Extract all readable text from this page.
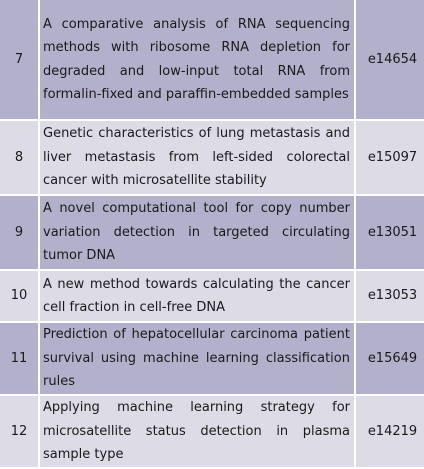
7	A comparative analysis of RNA sequencing methods with ribosome RNA depletion for degraded and low-input total RNA from formalin-fixed and paraffin-embedded samples	e14654
8	Genetic characteristics of lung metastasis and liver metastasis from left-sided colorectal cancer with microsatellite stability	e15097
9	A novel computational tool for copy number variation detection in targeted circulating tumor DNA	e13051
10	A new method towards calculating the cancer cell fraction in cell-free DNA	e13053
11	Prediction of hepatocellular carcinoma patient survival using machine learning classification rules	e15649
12	Applying machine learning strategy for microsatellite status detection in plasma sample type	e14219
